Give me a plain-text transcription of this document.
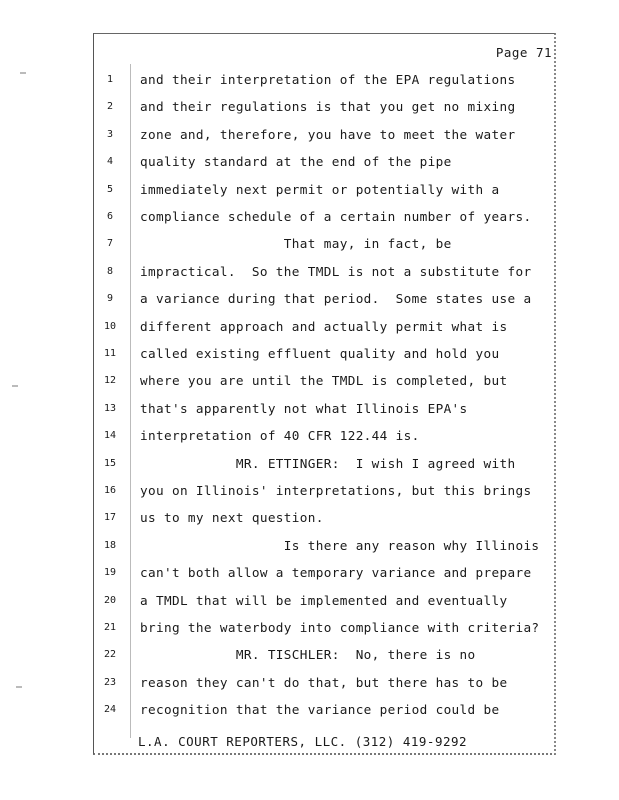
Page 71
1	and their interpretation of the EPA regulations
2	and their regulations is that you get no mixing
3	zone and, therefore, you have to meet the water
4	quality standard at the end of the pipe
5	immediately next permit or potentially with a
6	compliance schedule of a certain number of years.
7	That may, in fact, be
8	impractical.  So the TMDL is not a substitute for
9	a variance during that period.  Some states use a
10	different approach and actually permit what is
11	called existing effluent quality and hold you
12	where you are until the TMDL is completed, but
13	that's apparently not what Illinois EPA's
14	interpretation of 40 CFR 122.44 is.
15	MR. ETTINGER:  I wish I agreed with
16	you on Illinois' interpretations, but this brings
17	us to my next question.
18	Is there any reason why Illinois
19	can't both allow a temporary variance and prepare
20	a TMDL that will be implemented and eventually
21	bring the waterbody into compliance with criteria?
22	MR. TISCHLER:  No, there is no
23	reason they can't do that, but there has to be
24	recognition that the variance period could be
L.A. COURT REPORTERS, LLC. (312) 419-9292
